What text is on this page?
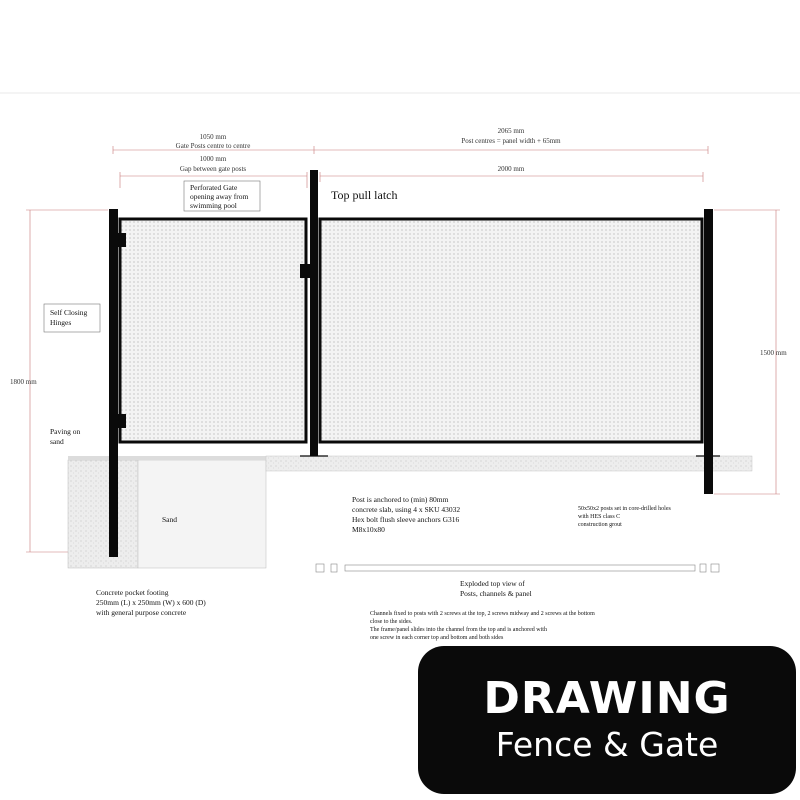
1050 mm
Gate Posts centre to centre
1000 mm
Gap between gate posts
2065 mm
Post centres = panel width + 65mm
2000 mm
1800 mm
1500 mm
Perforated Gate
opening away from
swimming pool
Top pull latch
Self Closing
Hinges
Paving on
sand
Sand
Concrete pocket footing
250mm (L) x 250mm (W) x 600 (D)
with general purpose concrete
Post is anchored to (min) 80mm
concrete slab, using 4 x SKU 43032
Hex bolt flush sleeve anchors G316
M8x10x80
50x50x2 posts set in core-drilled holes
with HES class C
construction grout
Exploded top view of
Posts, channels & panel
Channels fixed to posts with 2 screws at the top, 2 screws midway and 2 screws at the bottom
close to the sides.
The frame/panel slides into the channel from the top and is anchored with
one screw in each corner top and bottom and both sides
DRAWING
Fence & Gate
